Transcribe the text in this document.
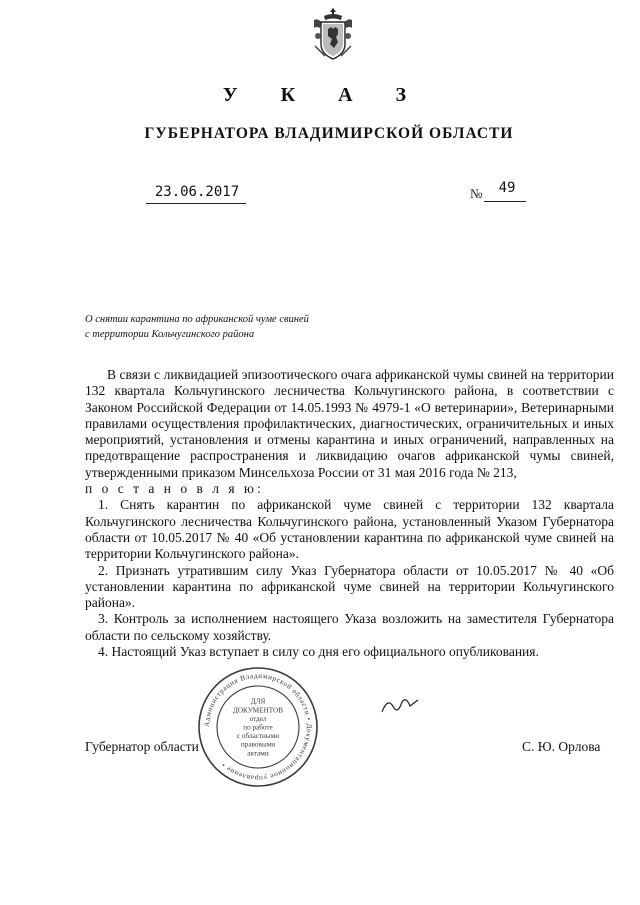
У К А З
ГУБЕРНАТОРА ВЛАДИМИРСКОЙ ОБЛАСТИ
23.06.2017	№ 49
О снятии карантина по африканской чуме свиней
с территории Кольчугинского района

В связи с ликвидацией эпизоотического очага африканской чумы свиней на территории 132 квартала Кольчугинского лесничества Кольчугинского района, в соответствии с Законом Российской Федерации от 14.05.1993 № 4979-1 «О ветеринарии», Ветеринарными правилами осуществления профилактических, диагностических, ограничительных и иных мероприятий, установления и отмены карантина и иных ограничений, направленных на предотвращение распространения и ликвидацию очагов африканской чумы свиней, утвержденными приказом Минсельхоза России от 31 мая 2016 года № 213,

п о с т а н о в л я ю:

1. Снять карантин по африканской чуме свиней с территории 132 квартала Кольчугинского лесничества Кольчугинского района, установленный Указом Губернатора области от 10.05.2017 № 40 «Об установлении карантина по африканской чуме свиней на территории Кольчугинского района».

2. Признать утратившим силу Указ Губернатора области от 10.05.2017 № 40 «Об установлении карантина по африканской чуме свиней на территории Кольчугинского района».

3. Контроль за исполнением настоящего Указа возложить на заместителя Губернатора области по сельскому хозяйству.

4. Настоящий Указ вступает в силу со дня его официального опубликования.

Губернатор области	С. Ю. Орлова
Администрация Владимирской области • Документационное управление •
ДЛЯ
ДОКУМЕНТОВ
отдел
по работе
с областными
правовыми
актами
